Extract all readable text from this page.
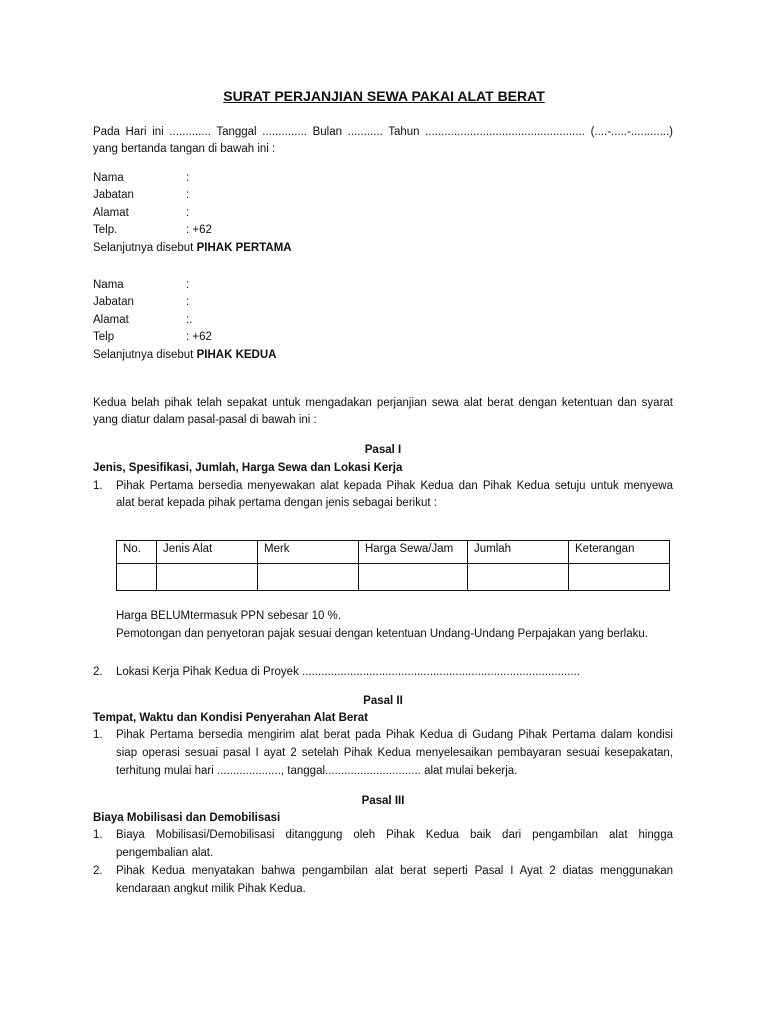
SURAT PERJANJIAN SEWA PAKAI ALAT BERAT
Pada Hari ini ............. Tanggal .............. Bulan ........... Tahun .................................................. (....-.....-............)
yang bertanda tangan di bawah ini :
Nama	:
Jabatan	:
Alamat	:
Telp.	: +62
Selanjutnya disebut PIHAK PERTAMA
Nama	:
Jabatan	:
Alamat	:.
Telp	: +62
Selanjutnya disebut PIHAK KEDUA
Kedua belah pihak telah sepakat untuk mengadakan perjanjian sewa alat berat dengan ketentuan dan syarat
yang diatur dalam pasal-pasal di bawah ini :
Pasal I
Jenis, Spesifikasi, Jumlah, Harga Sewa dan Lokasi Kerja
1. Pihak Pertama bersedia menyewakan alat kepada Pihak Kedua dan Pihak Kedua setuju untuk menyewa
alat berat kepada pihak pertama dengan jenis sebagai berikut :
No.	Jenis Alat	Merk	Harga Sewa/Jam	Jumlah	Keterangan

Harga BELUMtermasuk PPN sebesar 10 %.
Pemotongan dan penyetoran pajak sesuai dengan ketentuan Undang-Undang Perpajakan yang berlaku.
2. Lokasi Kerja Pihak Kedua di Proyek .......................................................................................
Pasal II
Tempat, Waktu dan Kondisi Penyerahan Alat Berat
1. Pihak Pertama bersedia mengirim alat berat pada Pihak Kedua di Gudang Pihak Pertama dalam kondisi
siap operasi sesuai pasal I ayat 2 setelah Pihak Kedua menyelesaikan pembayaran sesuai kesepakatan,
terhitung mulai hari ...................., tanggal.............................. alat mulai bekerja.
Pasal III
Biaya Mobilisasi dan Demobilisasi
1. Biaya Mobilisasi/Demobilisasi ditanggung oleh Pihak Kedua baik dari pengambilan alat hingga
pengembalian alat.
2. Pihak Kedua menyatakan bahwa pengambilan alat berat seperti Pasal I Ayat 2 diatas menggunakan
kendaraan angkut milik Pihak Kedua.
